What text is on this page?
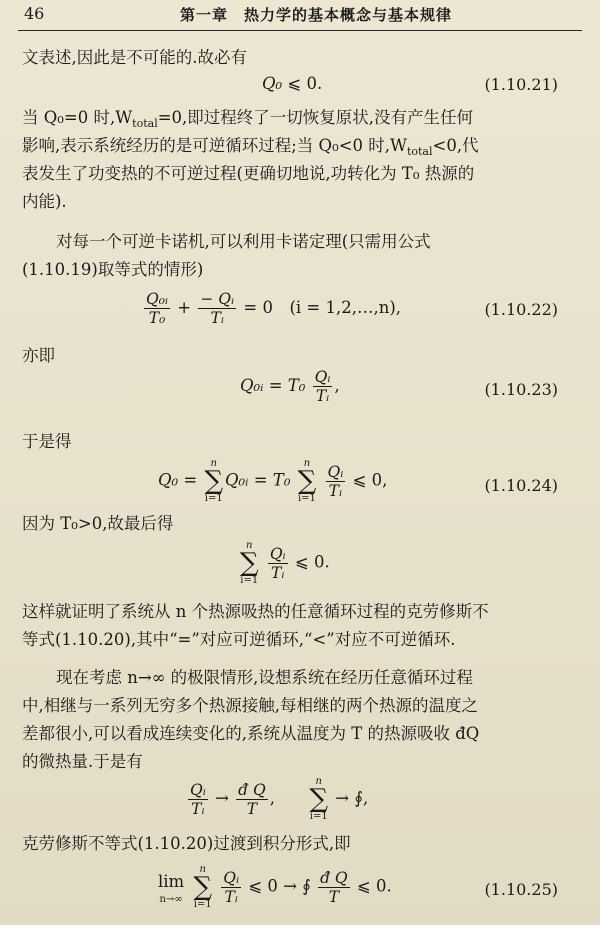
46	第一章　热力学的基本概念与基本规律
文表述,因此是不可能的.故必有
Q₀ ⩽ 0.	(1.10.21)
当 Q₀=0 时$,W_{total}=0$,即过程终了一切恢复原状,没有产生任何
影响,表示系统经历的是可逆循环过程;当 Q₀<0 时$,W_{total}<0$,代
表发生了功变热的不可逆过程(更确切地说,功转化为 T₀ 热源的
内能).
对每一个可逆卡诺机,可以利用卡诺定理(只需用公式
(1.10.19)取等式的情形)
$\frac{\text{Q₀ᵢ}}{\text{T₀}} + \frac{\text{− Qᵢ}}{\text{Tᵢ}} = 0$　(i = 1,2,…,n),	(1.10.22)
亦即
Q₀ᵢ = $T_0 \frac{\text{Qᵢ}}{\text{Tᵢ}}$ ,	(1.10.23)
于是得
Q₀ =
n
∑
i=1
Q₀ᵢ = T₀
n
∑
i=1
$\frac{\text{Qᵢ}}{\text{Tᵢ}}$ ⩽ 0,	(1.10.24)
因为 T₀>0,故最后得
n
∑
i=1
$\frac{\text{Qᵢ}}{\text{Tᵢ}}$ ⩽ 0.
这样就证明了系统从 n 个热源吸热的任意循环过程的克劳修斯不
等式(1.10.20),其中“=”对应可逆循环,“<”对应不可逆循环.
现在考虑 n→∞ 的极限情形,设想系统在经历任意循环过程
中,相继与一系列无穷多个热源接触,每相继的两个热源的温度之
差都很小,可以看成连续变化的,系统从温度为 T 的热源吸收 đQ
的微热量.于是有
$\frac{\text{Qᵢ}}{\text{Tᵢ}} \to \frac{\text{đ Q}}{T}$ ,
n
∑
i=1
→ ∮,
克劳修斯不等式(1.10.20)过渡到积分形式,即
lim
n→∞

n
∑
i=1
$\frac{\text{Qᵢ}}{\text{Tᵢ}}$ ⩽ 0 → ∮ $\frac{\text{đ Q}}{T}$ ⩽ 0.	(1.10.25)
